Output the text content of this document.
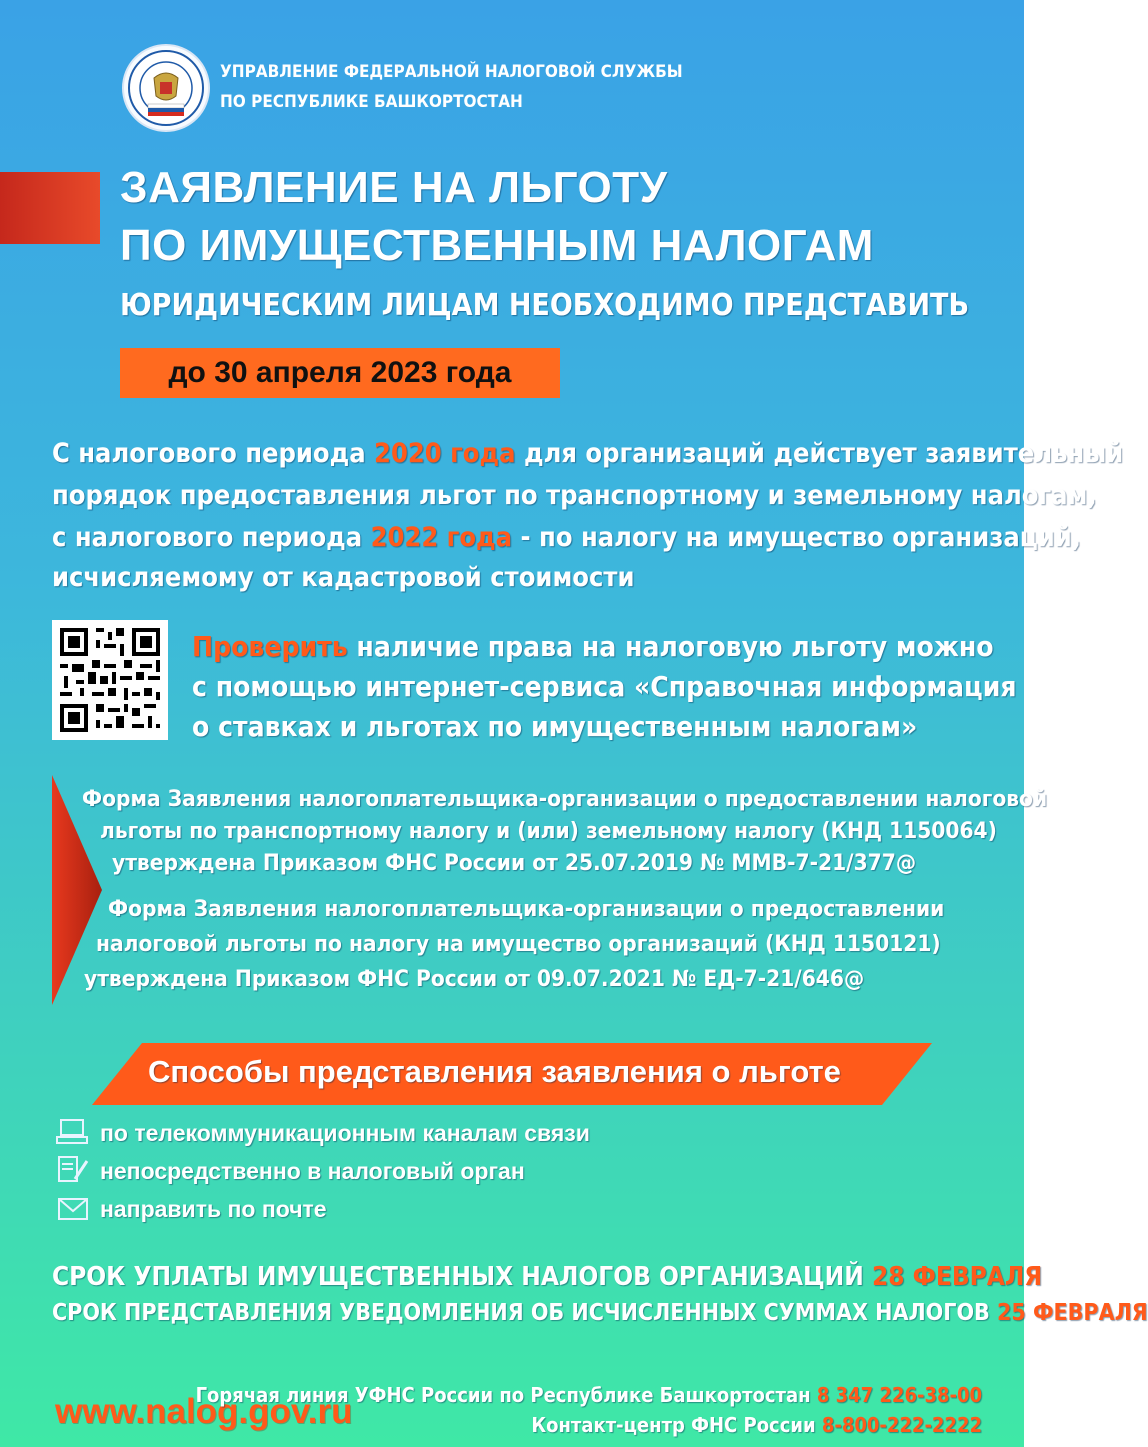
УПРАВЛЕНИЕ ФЕДЕРАЛЬНОЙ НАЛОГОВОЙ СЛУЖБЫ
ПО РЕСПУБЛИКЕ БАШКОРТОСТАН
ЗАЯВЛЕНИЕ НА ЛЬГОТУ
ПО ИМУЩЕСТВЕННЫМ НАЛОГАМ
ЮРИДИЧЕСКИМ ЛИЦАМ НЕОБХОДИМО ПРЕДСТАВИТЬ
до 30 апреля 2023 года
С налогового периода 2020 года для организаций действует заявительный
порядок предоставления льгот по транспортному и земельному налогам,
с налогового периода 2022 года - по налогу на имущество организаций,
исчисляемому от кадастровой стоимости
Проверить наличие права на налоговую льготу можно
с помощью интернет-сервиса «Справочная информация
о ставках и льготах по имущественным налогам»
Форма Заявления налогоплательщика-организации о предоставлении налоговой
льготы по транспортному налогу и (или) земельному налогу (КНД 1150064)
утверждена Приказом ФНС России от 25.07.2019 № ММВ-7-21/377@
Форма Заявления налогоплательщика-организации о предоставлении
налоговой льготы по налогу на имущество организаций (КНД 1150121)
утверждена Приказом ФНС России от 09.07.2021 № ЕД-7-21/646@
Способы представления заявления о льготе
по телекоммуникационным каналам связи
непосредственно в налоговый орган
направить по почте
СРОК УПЛАТЫ ИМУЩЕСТВЕННЫХ НАЛОГОВ ОРГАНИЗАЦИЙ 28 ФЕВРАЛЯ
СРОК ПРЕДСТАВЛЕНИЯ УВЕДОМЛЕНИЯ ОБ ИСЧИСЛЕННЫХ СУММАХ НАЛОГОВ 25 ФЕВРАЛЯ
www.nalog.gov.ru
Горячая линия УФНС России по Республике Башкортостан 8 347 226-38-00
Контакт-центр ФНС России 8-800-222-2222
